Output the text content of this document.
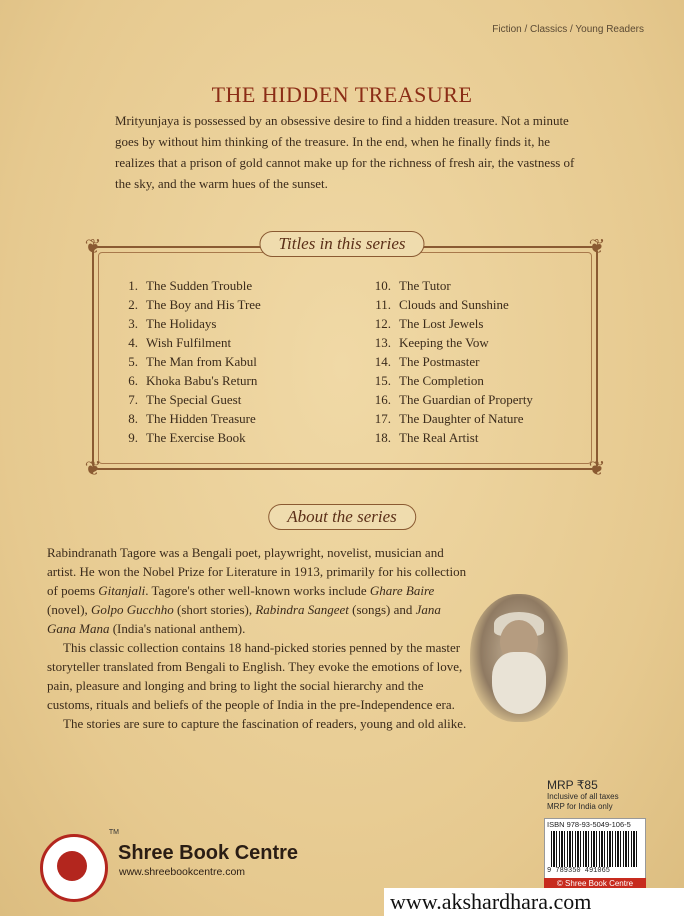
Fiction / Classics / Young Readers
THE HIDDEN TREASURE

Mrityunjaya is possessed by an obsessive desire to find a hidden treasure. Not a minute goes by without him thinking of the treasure. In the end, when he finally finds it, he realizes that a prison of gold cannot make up for the richness of fresh air, the vastness of the sky, and the warm hues of the sunset.

❦	❦
❦	❦
Titles in this series
1. The Sudden Trouble
2. The Boy and His Tree
3. The Holidays
4. Wish Fulfilment
5. The Man from Kabul
6. Khoka Babu's Return
7. The Special Guest
8. The Hidden Treasure
9. The Exercise Book
10. The Tutor
11. Clouds and Sunshine
12. The Lost Jewels
13. Keeping the Vow
14. The Postmaster
15. The Completion
16. The Guardian of Property
17. The Daughter of Nature
18. The Real Artist
About the series

Rabindranath Tagore was a Bengali poet, playwright, novelist, musician and artist. He won the Nobel Prize for Literature in 1913, primarily for his collection of poems Gitanjali. Tagore's other well-known works include Ghare Baire (novel), Golpo Gucchho (short stories), Rabindra Sangeet (songs) and Jana Gana Mana (India's national anthem).

This classic collection contains 18 hand-picked stories penned by the master storyteller translated from Bengali to English. They evoke the emotions of love, pain, pleasure and longing and bring to light the social hierarchy and the customs, rituals and beliefs of the people of India in the pre-Independence era.

The stories are sure to capture the fascination of readers, young and old alike.

MRP ₹85
Inclusive of all taxes
MRP for India only
ISBN 978-93-5049-106-5
9 789350 491065
© Shree Book Centre
TM
Shree Book Centre
www.shreebookcentre.com
www.akshardhara.com
